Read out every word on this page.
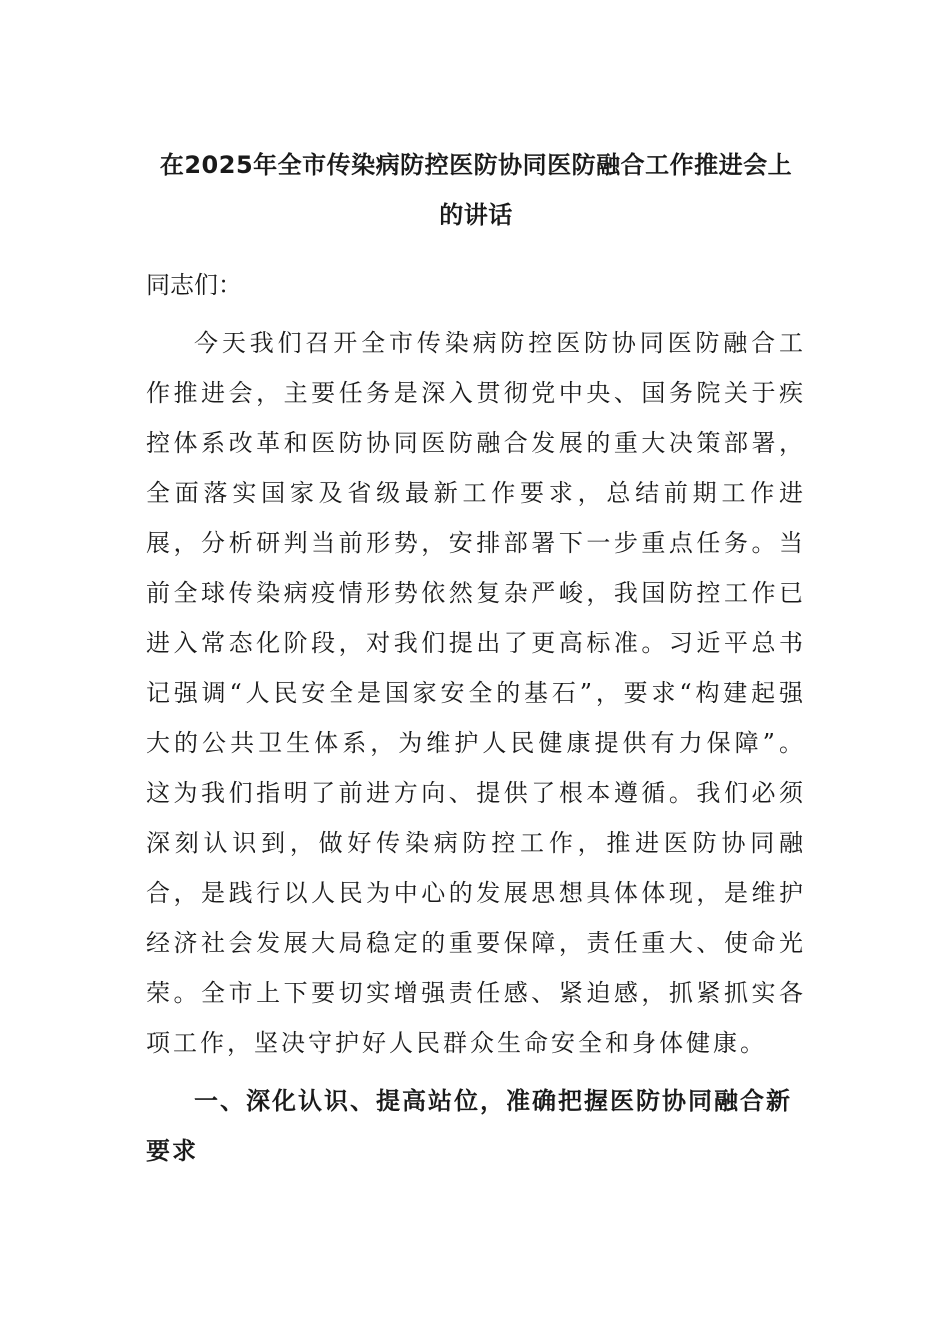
在2025年全市传染病防控医防协同医防融合工作推进会上
的讲话

同志们：

今天我们召开全市传染病防控医防协同医防融合工作推进会，主要任务是深入贯彻党中央、国务院关于疾控体系改革和医防协同医防融合发展的重大决策部署，全面落实国家及省级最新工作要求，总结前期工作进展，分析研判当前形势，安排部署下一步重点任务。当前全球传染病疫情形势依然复杂严峻，我国防控工作已进入常态化阶段，对我们提出了更高标准。习近平总书记强调“人民安全是国家安全的基石”，要求“构建起强大的公共卫生体系，为维护人民健康提供有力保障”。这为我们指明了前进方向、提供了根本遵循。我们必须深刻认识到，做好传染病防控工作，推进医防协同融合，是践行以人民为中心的发展思想具体体现，是维护经济社会发展大局稳定的重要保障，责任重大、使命光荣。全市上下要切实增强责任感、紧迫感，抓紧抓实各项工作，坚决守护好人民群众生命安全和身体健康。

一、深化认识、提高站位，准确把握医防协同融合新要求
